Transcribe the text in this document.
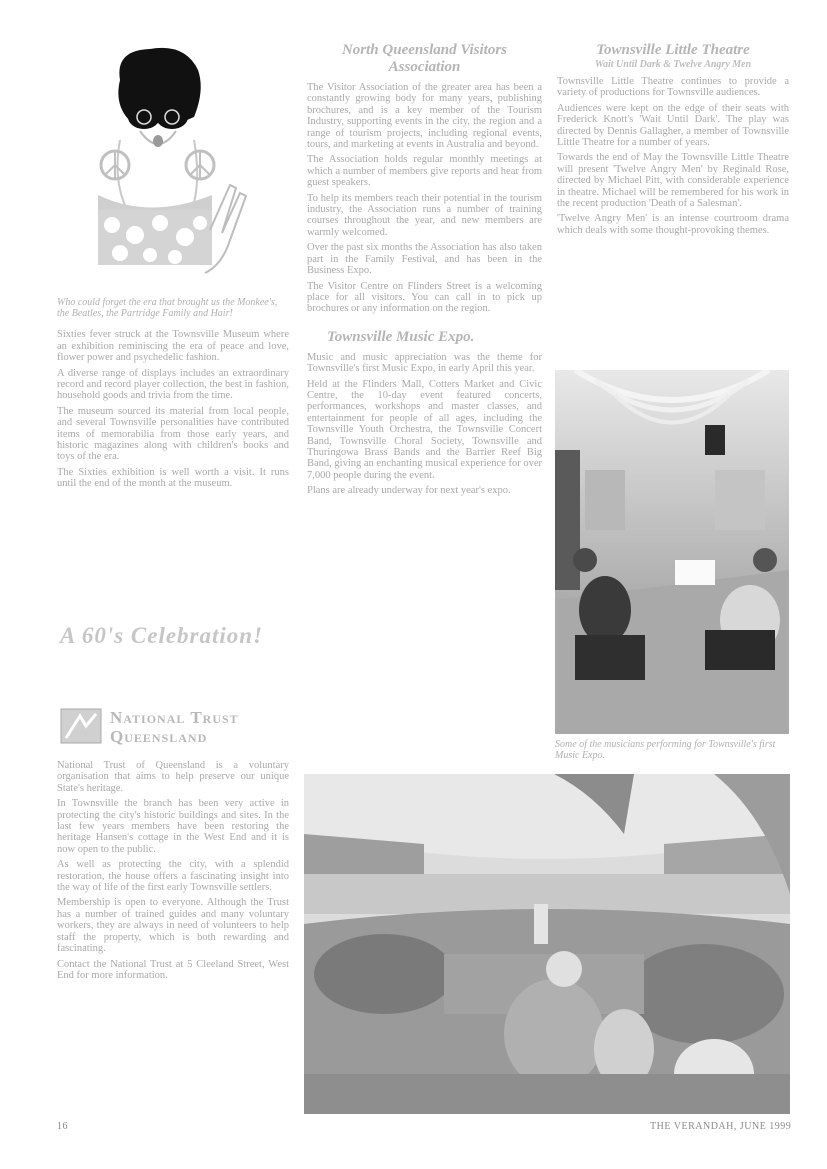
Who could forget the era that brought us the Monkee's, the Beatles, the Partridge Family and Hair!

Sixties fever struck at the Townsville Museum where an exhibition reminiscing the era of peace and love, flower power and psychedelic fashion.

A diverse range of displays includes an extraordinary record and record player collection, the best in fashion, household goods and trivia from the time.

The museum sourced its material from local people, and several Townsville personalities have contributed items of memorabilia from those early years, and historic magazines along with children's books and toys of the era.

The Sixties exhibition is well worth a visit. It runs until the end of the month at the museum.

A 60's Celebration!
National Trust
Queensland

National Trust of Queensland is a voluntary organisation that aims to help preserve our unique State's heritage.

In Townsville the branch has been very active in protecting the city's historic buildings and sites. In the last few years members have been restoring the heritage Hansen's cottage in the West End and it is now open to the public.

As well as protecting the city, with a splendid restoration, the house offers a fascinating insight into the way of life of the first early Townsville settlers.

Membership is open to everyone. Although the Trust has a number of trained guides and many voluntary workers, they are always in need of volunteers to help staff the property, which is both rewarding and fascinating.

Contact the National Trust at 5 Cleeland Street, West End for more information.

North Queensland Visitors Association

The Visitor Association of the greater area has been a constantly growing body for many years, publishing brochures, and is a key member of the Tourism Industry, supporting events in the city, the region and a range of tourism projects, including regional events, tours, and marketing at events in Australia and beyond.

The Association holds regular monthly meetings at which a number of members give reports and hear from guest speakers.

To help its members reach their potential in the tourism industry, the Association runs a number of training courses throughout the year, and new members are warmly welcomed.

Over the past six months the Association has also taken part in the Family Festival, and has been in the Business Expo.

The Visitor Centre on Flinders Street is a welcoming place for all visitors. You can call in to pick up brochures or any information on the region.

Townsville Music Expo.

Music and music appreciation was the theme for Townsville's first Music Expo, in early April this year.

Held at the Flinders Mall, Cotters Market and Civic Centre, the 10-day event featured concerts, performances, workshops and master classes, and entertainment for people of all ages, including the Townsville Youth Orchestra, the Townsville Concert Band, Townsville Choral Society, Townsville and Thuringowa Brass Bands and the Barrier Reef Big Band, giving an enchanting musical experience for over 7,000 people during the event.

Plans are already underway for next year's expo.

Townsville Little Theatre

Wait Until Dark & Twelve Angry Men

Townsville Little Theatre continues to provide a variety of productions for Townsville audiences.

Audiences were kept on the edge of their seats with Frederick Knott's 'Wait Until Dark'. The play was directed by Dennis Gallagher, a member of Townsville Little Theatre for a number of years.

Towards the end of May the Townsville Little Theatre will present 'Twelve Angry Men' by Reginald Rose, directed by Michael Pitt, with considerable experience in theatre. Michael will be remembered for his work in the recent production 'Death of a Salesman'.

'Twelve Angry Men' is an intense courtroom drama which deals with some thought-provoking themes.

Some of the musicians performing for Townsville's first Music Expo.

16	THE VERANDAH, JUNE 1999
